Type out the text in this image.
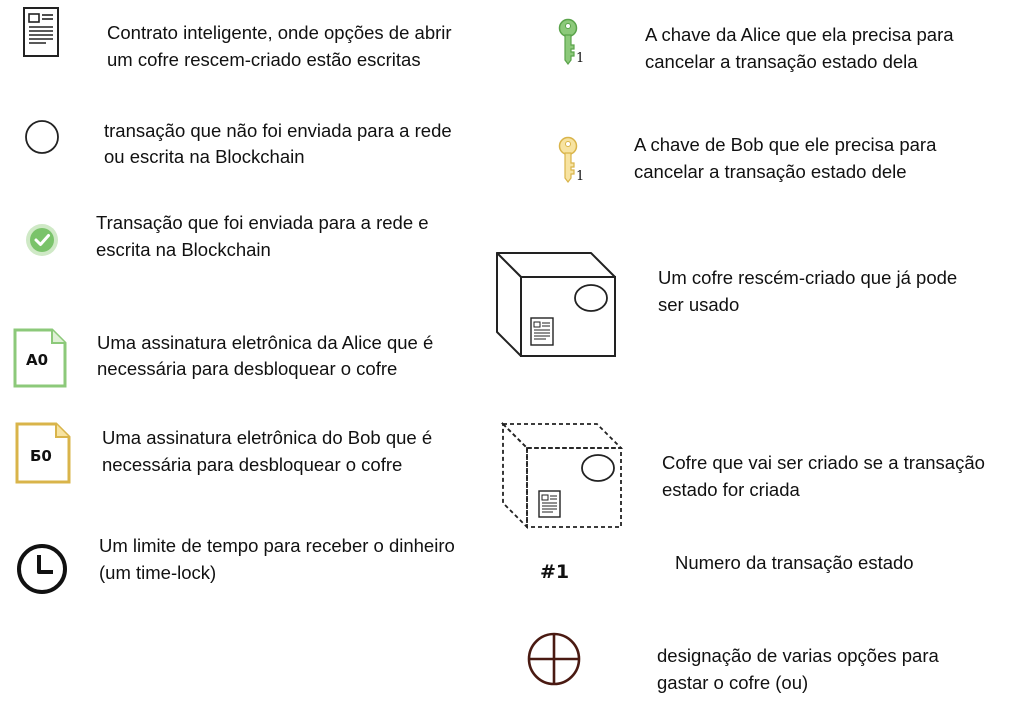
Contrato inteligente, onde opções de abrir
um cofre rescem-criado estão escritas
transação que não foi enviada para a rede
ou escrita na Blockchain
Transação que foi enviada para a rede e
escrita na Blockchain
A0
Uma assinatura eletrônica da Alice que é
necessária para desbloquear o cofre
Б0
Uma assinatura eletrônica do Bob que é
necessária para desbloquear o cofre
Um limite de tempo para receber o dinheiro
(um time-lock)
1
A chave da Alice que ela precisa para
cancelar a transação estado dela
1
A chave de Bob que ele precisa para
cancelar a transação estado dele
Um cofre rescém-criado que já pode
ser usado
Cofre que vai ser criado se a transação
estado for criada
#1	Numero da transação estado
designação de varias opções para
gastar o cofre (ou)
